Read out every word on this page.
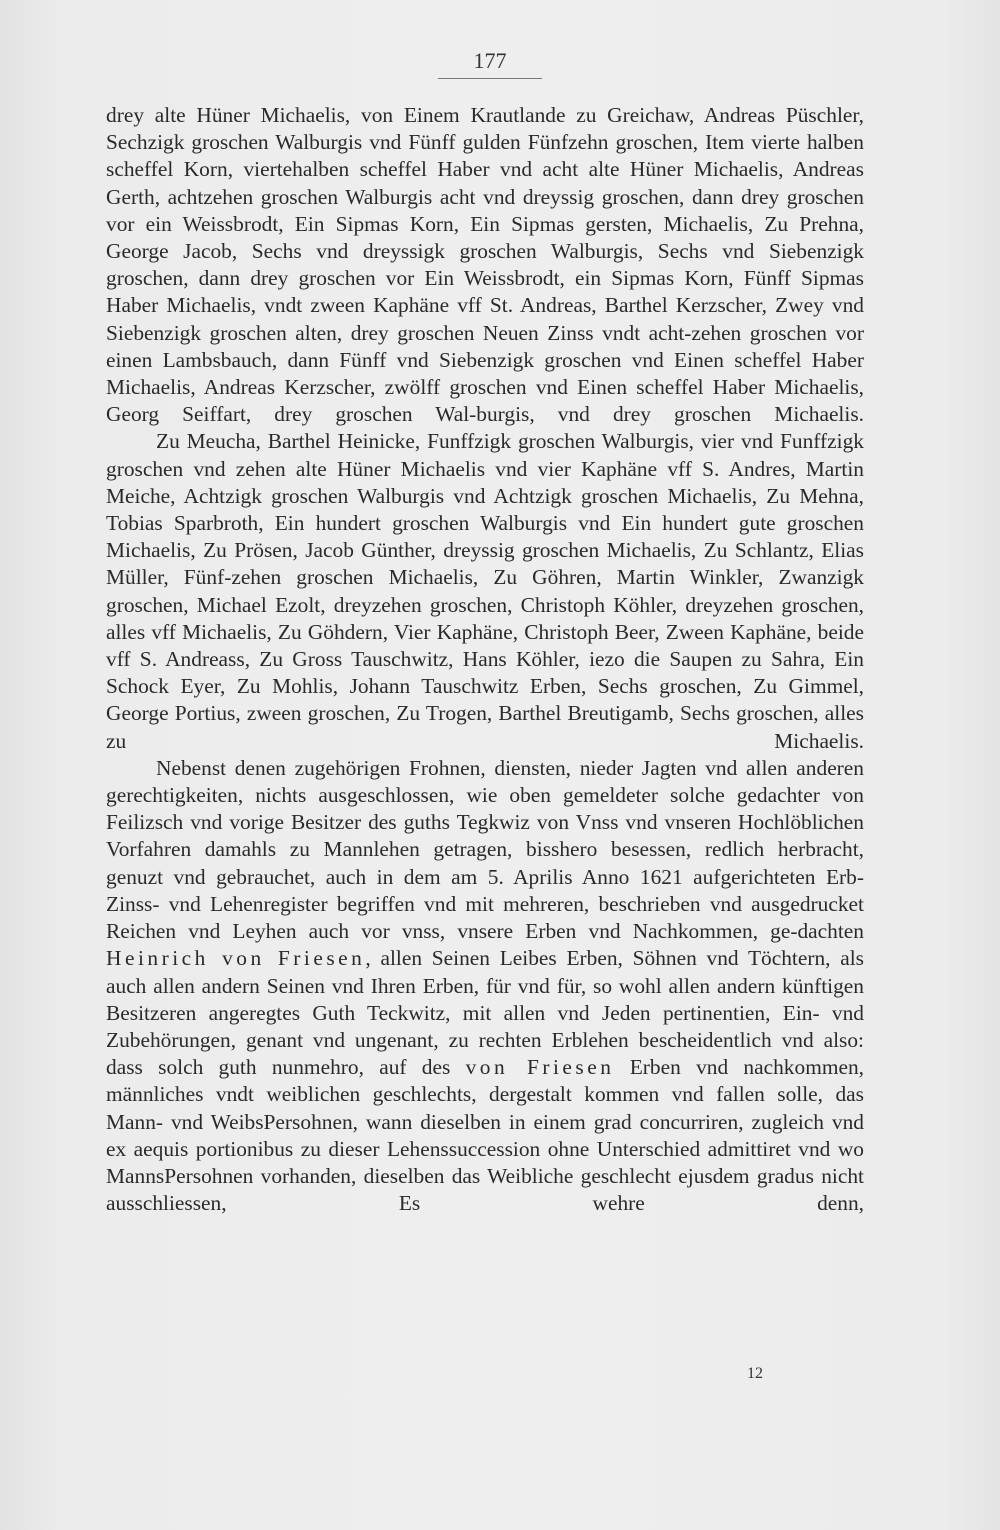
177

drey alte Hüner Michaelis, von Einem Krautlande zu Greichaw, Andreas Püschler, Sechzigk groschen Walburgis vnd Fünff gulden Fünfzehn groschen, Item vierte halben scheffel Korn, viertehalben scheffel Haber vnd acht alte Hüner Michaelis, Andreas Gerth, achtzehen groschen Walburgis acht vnd dreyssig groschen, dann drey groschen vor ein Weissbrodt, Ein Sipmas Korn, Ein Sipmas gersten, Michaelis, Zu Prehna, George Jacob, Sechs vnd dreyssigk groschen Walburgis, Sechs vnd Siebenzigk groschen, dann drey groschen vor Ein Weissbrodt, ein Sipmas Korn, Fünff Sipmas Haber Michaelis, vndt zween Kaphäne vff St. Andreas, Barthel Kerzscher, Zwey vnd Siebenzigk groschen alten, drey groschen Neuen Zinss vndt acht-zehen groschen vor einen Lambsbauch, dann Fünff vnd Siebenzigk groschen vnd Einen scheffel Haber Michaelis, Andreas Kerzscher, zwölff groschen vnd Einen scheffel Haber Michaelis, Georg Seiffart, drey groschen Wal-burgis, vnd drey groschen Michaelis.

Zu Meucha, Barthel Heinicke, Funffzigk groschen Walburgis, vier vnd Funffzigk groschen vnd zehen alte Hüner Michaelis vnd vier Kaphäne vff S. Andres, Martin Meiche, Achtzigk groschen Walburgis vnd Achtzigk groschen Michaelis, Zu Mehna, Tobias Sparbroth, Ein hundert groschen Walburgis vnd Ein hundert gute groschen Michaelis, Zu Prösen, Jacob Günther, dreyssig groschen Michaelis, Zu Schlantz, Elias Müller, Fünf-zehen groschen Michaelis, Zu Göhren, Martin Winkler, Zwanzigk groschen, Michael Ezolt, dreyzehen groschen, Christoph Köhler, dreyzehen groschen, alles vff Michaelis, Zu Göhdern, Vier Kaphäne, Christoph Beer, Zween Kaphäne, beide vff S. Andreass, Zu Gross Tauschwitz, Hans Köhler, iezo die Saupen zu Sahra, Ein Schock Eyer, Zu Mohlis, Johann Tauschwitz Erben, Sechs groschen, Zu Gimmel, George Portius, zween groschen, Zu Trogen, Barthel Breutigamb, Sechs groschen, alles zu Michaelis.

Nebenst denen zugehörigen Frohnen, diensten, nieder Jagten vnd allen anderen gerechtigkeiten, nichts ausgeschlossen, wie oben gemeldeter solche gedachter von Feilizsch vnd vorige Besitzer des guths Tegkwiz von Vnss vnd vnseren Hochlöblichen Vorfahren damahls zu Mannlehen getragen, bisshero besessen, redlich herbracht, genuzt vnd gebrauchet, auch in dem am 5. Aprilis Anno 1621 aufgerichteten Erb- Zinss- vnd Lehenregister begriffen vnd mit mehreren, beschrieben vnd ausgedrucket Reichen vnd Leyhen auch vor vnss, vnsere Erben vnd Nachkommen, ge-dachten Heinrich von Friesen, allen Seinen Leibes Erben, Söhnen vnd Töchtern, als auch allen andern Seinen vnd Ihren Erben, für vnd für, so wohl allen andern künftigen Besitzeren angeregtes Guth Teckwitz, mit allen vnd Jeden pertinentien, Ein- vnd Zubehörungen, genant vnd ungenant, zu rechten Erblehen bescheidentlich vnd also: dass solch guth nunmehro, auf des von Friesen Erben vnd nachkommen, männliches vndt weiblichen geschlechts, dergestalt kommen vnd fallen solle, das Mann- vnd WeibsPersohnen, wann dieselben in einem grad concurriren, zugleich vnd ex aequis portionibus zu dieser Lehenssuccession ohne Unterschied admittiret vnd wo MannsPersohnen vorhanden, dieselben das Weibliche geschlecht ejusdem gradus nicht ausschliessen, Es wehre denn,

12
